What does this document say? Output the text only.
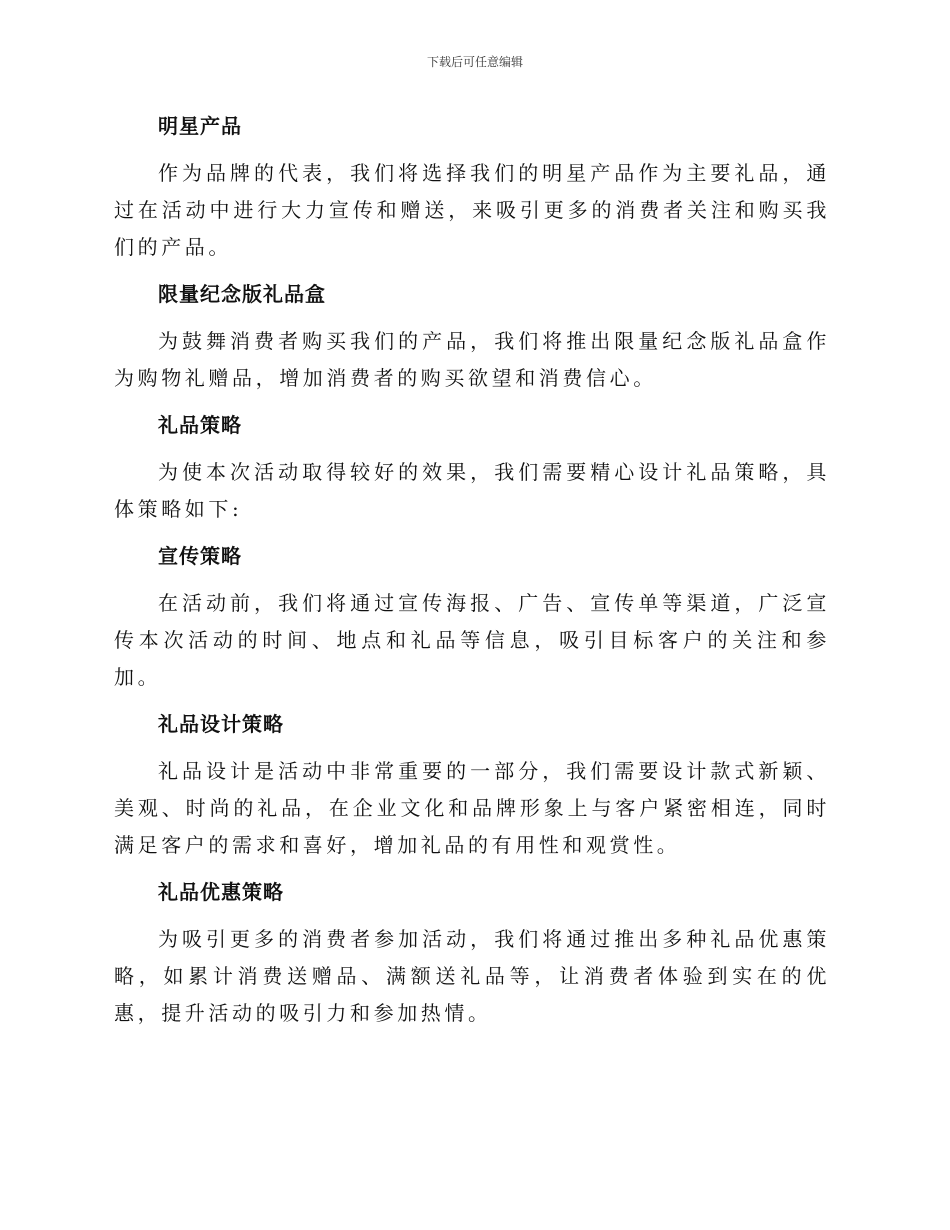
下载后可任意编辑
明星产品

作为品牌的代表，我们将选择我们的明星产品作为主要礼品，通过在活动中进行大力宣传和赠送，来吸引更多的消费者关注和购买我们的产品。

限量纪念版礼品盒

为鼓舞消费者购买我们的产品，我们将推出限量纪念版礼品盒作为购物礼赠品，增加消费者的购买欲望和消费信心。

礼品策略

为使本次活动取得较好的效果，我们需要精心设计礼品策略，具体策略如下:

宣传策略

在活动前，我们将通过宣传海报、广告、宣传单等渠道，广泛宣传本次活动的时间、地点和礼品等信息，吸引目标客户的关注和参加。

礼品设计策略

礼品设计是活动中非常重要的一部分，我们需要设计款式新颖、美观、时尚的礼品，在企业文化和品牌形象上与客户紧密相连，同时满足客户的需求和喜好，增加礼品的有用性和观赏性。

礼品优惠策略

为吸引更多的消费者参加活动，我们将通过推出多种礼品优惠策略，如累计消费送赠品、满额送礼品等，让消费者体验到实在的优惠，提升活动的吸引力和参加热情。
